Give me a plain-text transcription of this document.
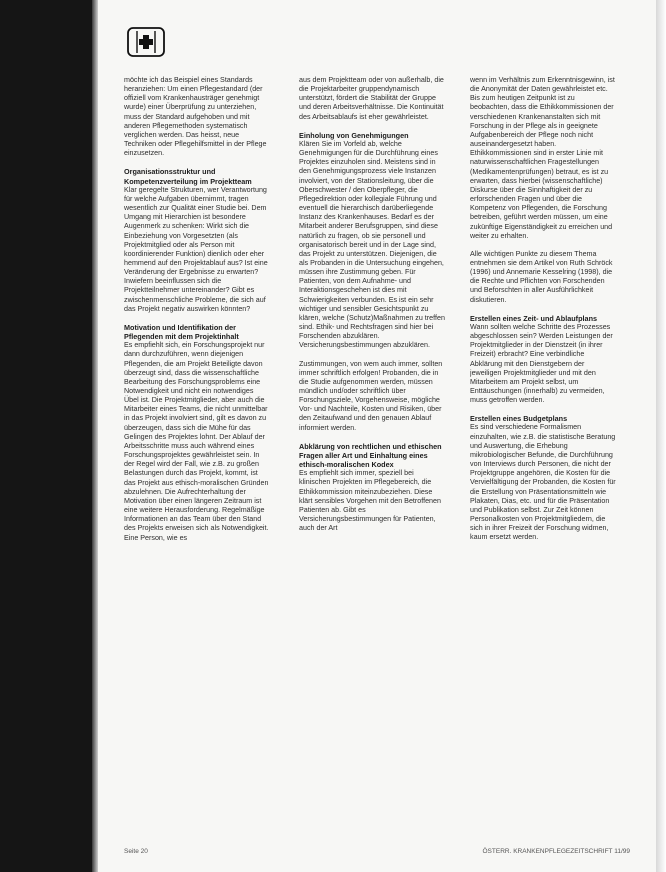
möchte ich das Beispiel eines Standards heranziehen: Um einen Pflegestandard (der offiziell vom Krankenhausträger genehmigt wurde) einer Überprüfung zu unterziehen, muss der Standard aufgehoben und mit anderen Pflegemethoden systematisch verglichen werden. Das heisst, neue Techniken oder Pflegehilfsmittel in der Pflege einzusetzen.

Organisationsstruktur und Kompetenzverteilung im Projektteam

Klar geregelte Strukturen, wer Verantwortung für welche Aufgaben übernimmt, tragen wesentlich zur Qualität einer Studie bei. Dem Umgang mit Hierarchien ist besondere Augenmerk zu schenken: Wirkt sich die Einbeziehung von Vorgesetzten (als Projektmitglied oder als Person mit koordinierender Funktion) dienlich oder eher hemmend auf den Projektablauf aus? Ist eine Veränderung der Ergebnisse zu erwarten? Inwiefern beeinflussen sich die Projektteilnehmer untereinander? Gibt es zwischenmenschliche Probleme, die sich auf das Projekt negativ auswirken könnten?

Motivation und Identifikation der Pflegenden mit dem Projektinhalt

Es empfiehlt sich, ein Forschungsprojekt nur dann durchzuführen, wenn diejenigen Pflegenden, die am Projekt Beteiligte davon überzeugt sind, dass die wissenschaftliche Bearbeitung des Forschungsproblems eine Notwendigkeit und nicht ein notwendiges Übel ist. Die Projektmitglieder, aber auch die Mitarbeiter eines Teams, die nicht unmittelbar in das Projekt involviert sind, gilt es davon zu überzeugen, dass sich die Mühe für das Gelingen des Projektes lohnt. Der Ablauf der Arbeitsschritte muss auch während eines Forschungsprojektes gewährleistet sein. In der Regel wird der Fall, wie z.B. zu großen Belastungen durch das Projekt, kommt, ist das Projekt aus ethisch-moralischen Gründen abzulehnen. Die Aufrechterhaltung der Motivation über einen längeren Zeitraum ist eine weitere Herausforderung. Regelmäßige Informationen an das Team über den Stand des Projekts erweisen sich als Notwendigkeit. Eine Person, wie es

aus dem Projektteam oder von außerhalb, die die Projektarbeiter gruppendynamisch unterstützt, fördert die Stabilität der Gruppe und deren Arbeitsverhältnisse. Die Kontinuität des Arbeitsablaufs ist eher gewährleistet.

Einholung von Genehmigungen

Klären Sie im Vorfeld ab, welche Genehmigungen für die Durchführung eines Projektes einzuholen sind. Meistens sind in den Genehmigungsprozess viele Instanzen involviert, von der Stationsleitung, über die Oberschwester / den Oberpfleger, die Pflegedirektion oder kollegiale Führung und eventuell die hierarchisch darüberliegende Instanz des Krankenhauses. Bedarf es der Mitarbeit anderer Berufsgruppen, sind diese natürlich zu fragen, ob sie personell und organisatorisch bereit und in der Lage sind, das Projekt zu unterstützen. Diejenigen, die als Probanden in die Untersuchung eingehen, müssen ihre Zustimmung geben. Für Patienten, von dem Aufnahme- und Interaktionsgeschehen ist dies mit Schwierigkeiten verbunden. Es ist ein sehr wichtiger und sensibler Gesichtspunkt zu klären, welche (Schutz)Maßnahmen zu treffen sind. Ethik- und Rechtsfragen sind hier bei Forschenden abzuklären. Versicherungsbestimmungen abzuklären.

Zustimmungen, von wem auch immer, sollten immer schriftlich erfolgen! Probanden, die in die Studie aufgenommen werden, müssen mündlich und/oder schriftlich über Forschungsziele, Vorgehensweise, mögliche Vor- und Nachteile, Kosten und Risiken, über den Zeitaufwand und den genauen Ablauf informiert werden.

Abklärung von rechtlichen und ethischen Fragen aller Art und Einhaltung eines ethisch-moralischen Kodex

Es empfiehlt sich immer, speziell bei klinischen Projekten im Pflegebereich, die Ethikkommission miteinzubeziehen. Diese klärt sensibles Vorgehen mit den Betroffenen Patienten ab. Gibt es Versicherungsbestimmungen für Patienten, auch der Art

wenn im Verhältnis zum Erkenntnisgewinn, ist die Anonymität der Daten gewährleistet etc. Bis zum heutigen Zeitpunkt ist zu beobachten, dass die Ethikkommissionen der verschiedenen Krankenanstalten sich mit Forschung in der Pflege als in geeignete Aufgabenbereich der Pflege noch nicht auseinandergesetzt haben. Ethikkommissionen sind in erster Linie mit naturwissenschaftlichen Fragestellungen (Medikamentenprüfungen) betraut, es ist zu erwarten, dass hierbei (wissenschaftliche) Diskurse über die Sinnhaftigkeit der zu erforschenden Fragen und über die Kompetenz von Pflegenden, die Forschung betreiben, geführt werden müssen, um eine zukünftige Eigenständigkeit zu erreichen und weiter zu erhalten.

Alle wichtigen Punkte zu diesem Thema entnehmen sie dem Artikel von Ruth Schröck (1996) und Annemarie Kesselring (1998), die die Rechte und Pflichten von Forschenden und Beforschten in aller Ausführlichkeit diskutieren.

Erstellen eines Zeit- und Ablaufplans

Wann sollten welche Schritte des Prozesses abgeschlossen sein? Werden Leistungen der Projektmitglieder in der Dienstzeit (in ihrer Freizeit) erbracht? Eine verbindliche Abklärung mit den Dienstgebern der jeweiligen Projektmitglieder und mit den Mitarbeitern am Projekt selbst, um Enttäuschungen (innerhalb) zu vermeiden, muss getroffen werden.

Erstellen eines Budgetplans

Es sind verschiedene Formalismen einzuhalten, wie z.B. die statistische Beratung und Auswertung, die Erhebung mikrobiologischer Befunde, die Durchführung von Interviews durch Personen, die nicht der Projektgruppe angehören, die Kosten für die Vervielfältigung der Probanden, die Kosten für die Erstellung von Präsentationsmitteln wie Plakaten, Dias, etc. und für die Präsentation und Publikation selbst. Zur Zeit können Personalkosten von Projektmitgliedern, die sich in ihrer Freizeit der Forschung widmen, kaum ersetzt werden.

Seite 20	ÖSTERR. KRANKENPFLEGEZEITSCHRIFT 11/99
